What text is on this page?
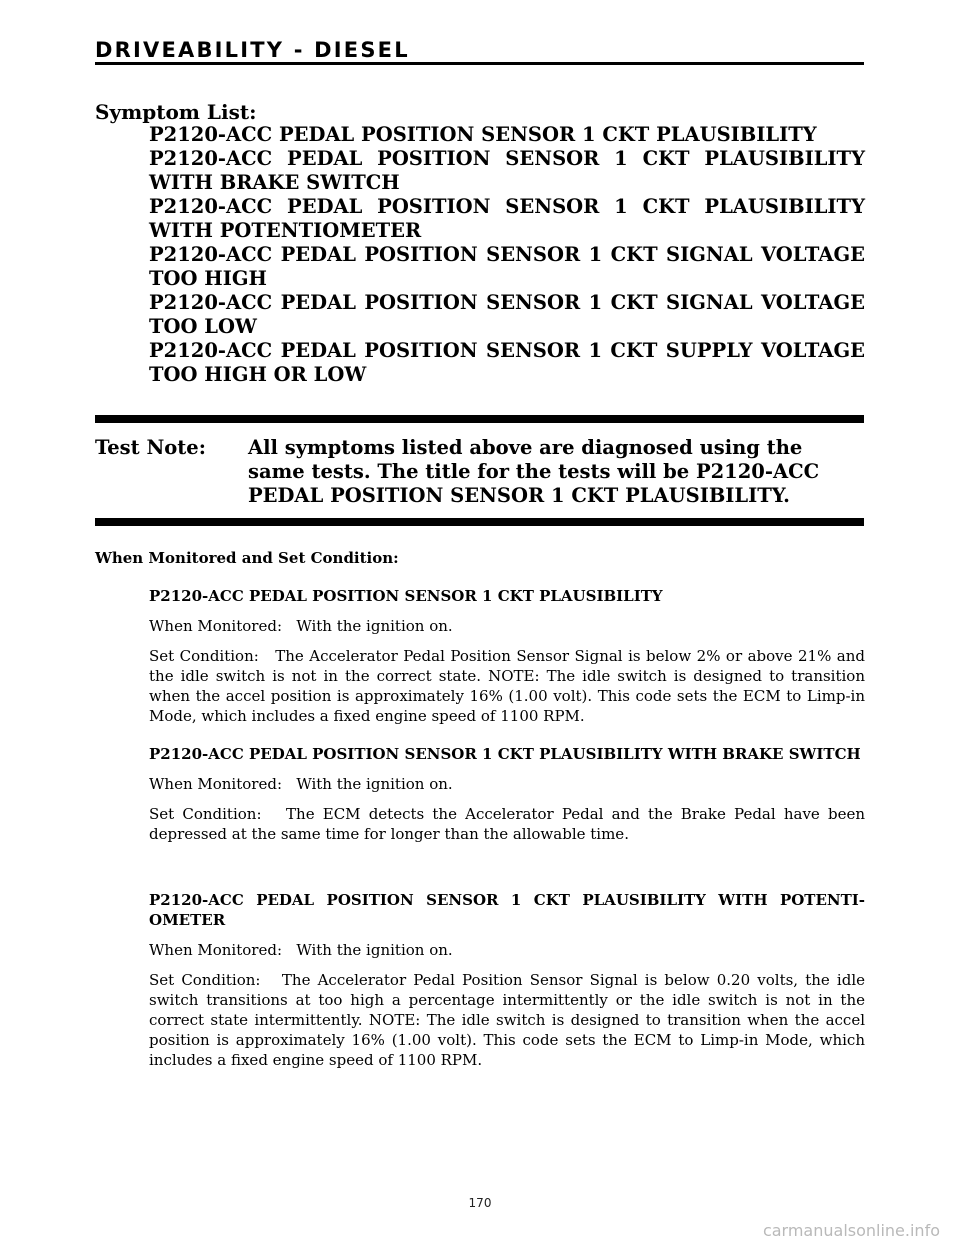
DRIVEABILITY - DIESEL
Symptom List:
P2120-ACC PEDAL POSITION SENSOR 1 CKT PLAUSIBILITY
P2120-ACC PEDAL POSITION SENSOR 1 CKT PLAUSIBILITY WITH BRAKE SWITCH
P2120-ACC PEDAL POSITION SENSOR 1 CKT PLAUSIBILITY WITH POTENTIOMETER
P2120-ACC PEDAL POSITION SENSOR 1 CKT SIGNAL VOLTAGE TOO HIGH
P2120-ACC PEDAL POSITION SENSOR 1 CKT SIGNAL VOLTAGE TOO LOW
P2120-ACC PEDAL POSITION SENSOR 1 CKT SUPPLY VOLTAGE TOO HIGH OR LOW
Test Note: All symptoms listed above are diagnosed using the same tests. The title for the tests will be P2120-ACC PEDAL POSITION SENSOR 1 CKT PLAUSIBILITY.
When Monitored and Set Condition:

P2120-ACC PEDAL POSITION SENSOR 1 CKT PLAUSIBILITY

When Monitored: With the ignition on.

Set Condition: The Accelerator Pedal Position Sensor Signal is below 2% or above 21% and the idle switch is not in the correct state. NOTE: The idle switch is designed to transition when the accel position is approximately 16% (1.00 volt). This code sets the ECM to Limp-in Mode, which includes a fixed engine speed of 1100 RPM.

P2120-ACC PEDAL POSITION SENSOR 1 CKT PLAUSIBILITY WITH BRAKE SWITCH

When Monitored: With the ignition on.

Set Condition: The ECM detects the Accelerator Pedal and the Brake Pedal have been depressed at the same time for longer than the allowable time.

P2120-ACC PEDAL POSITION SENSOR 1 CKT PLAUSIBILITY WITH POTENTI-OMETER

When Monitored: With the ignition on.

Set Condition: The Accelerator Pedal Position Sensor Signal is below 0.20 volts, the idle switch transitions at too high a percentage intermittently or the idle switch is not in the correct state intermittently. NOTE: The idle switch is designed to transition when the accel position is approximately 16% (1.00 volt). This code sets the ECM to Limp-in Mode, which includes a fixed engine speed of 1100 RPM.

170
carmanualsonline.info
